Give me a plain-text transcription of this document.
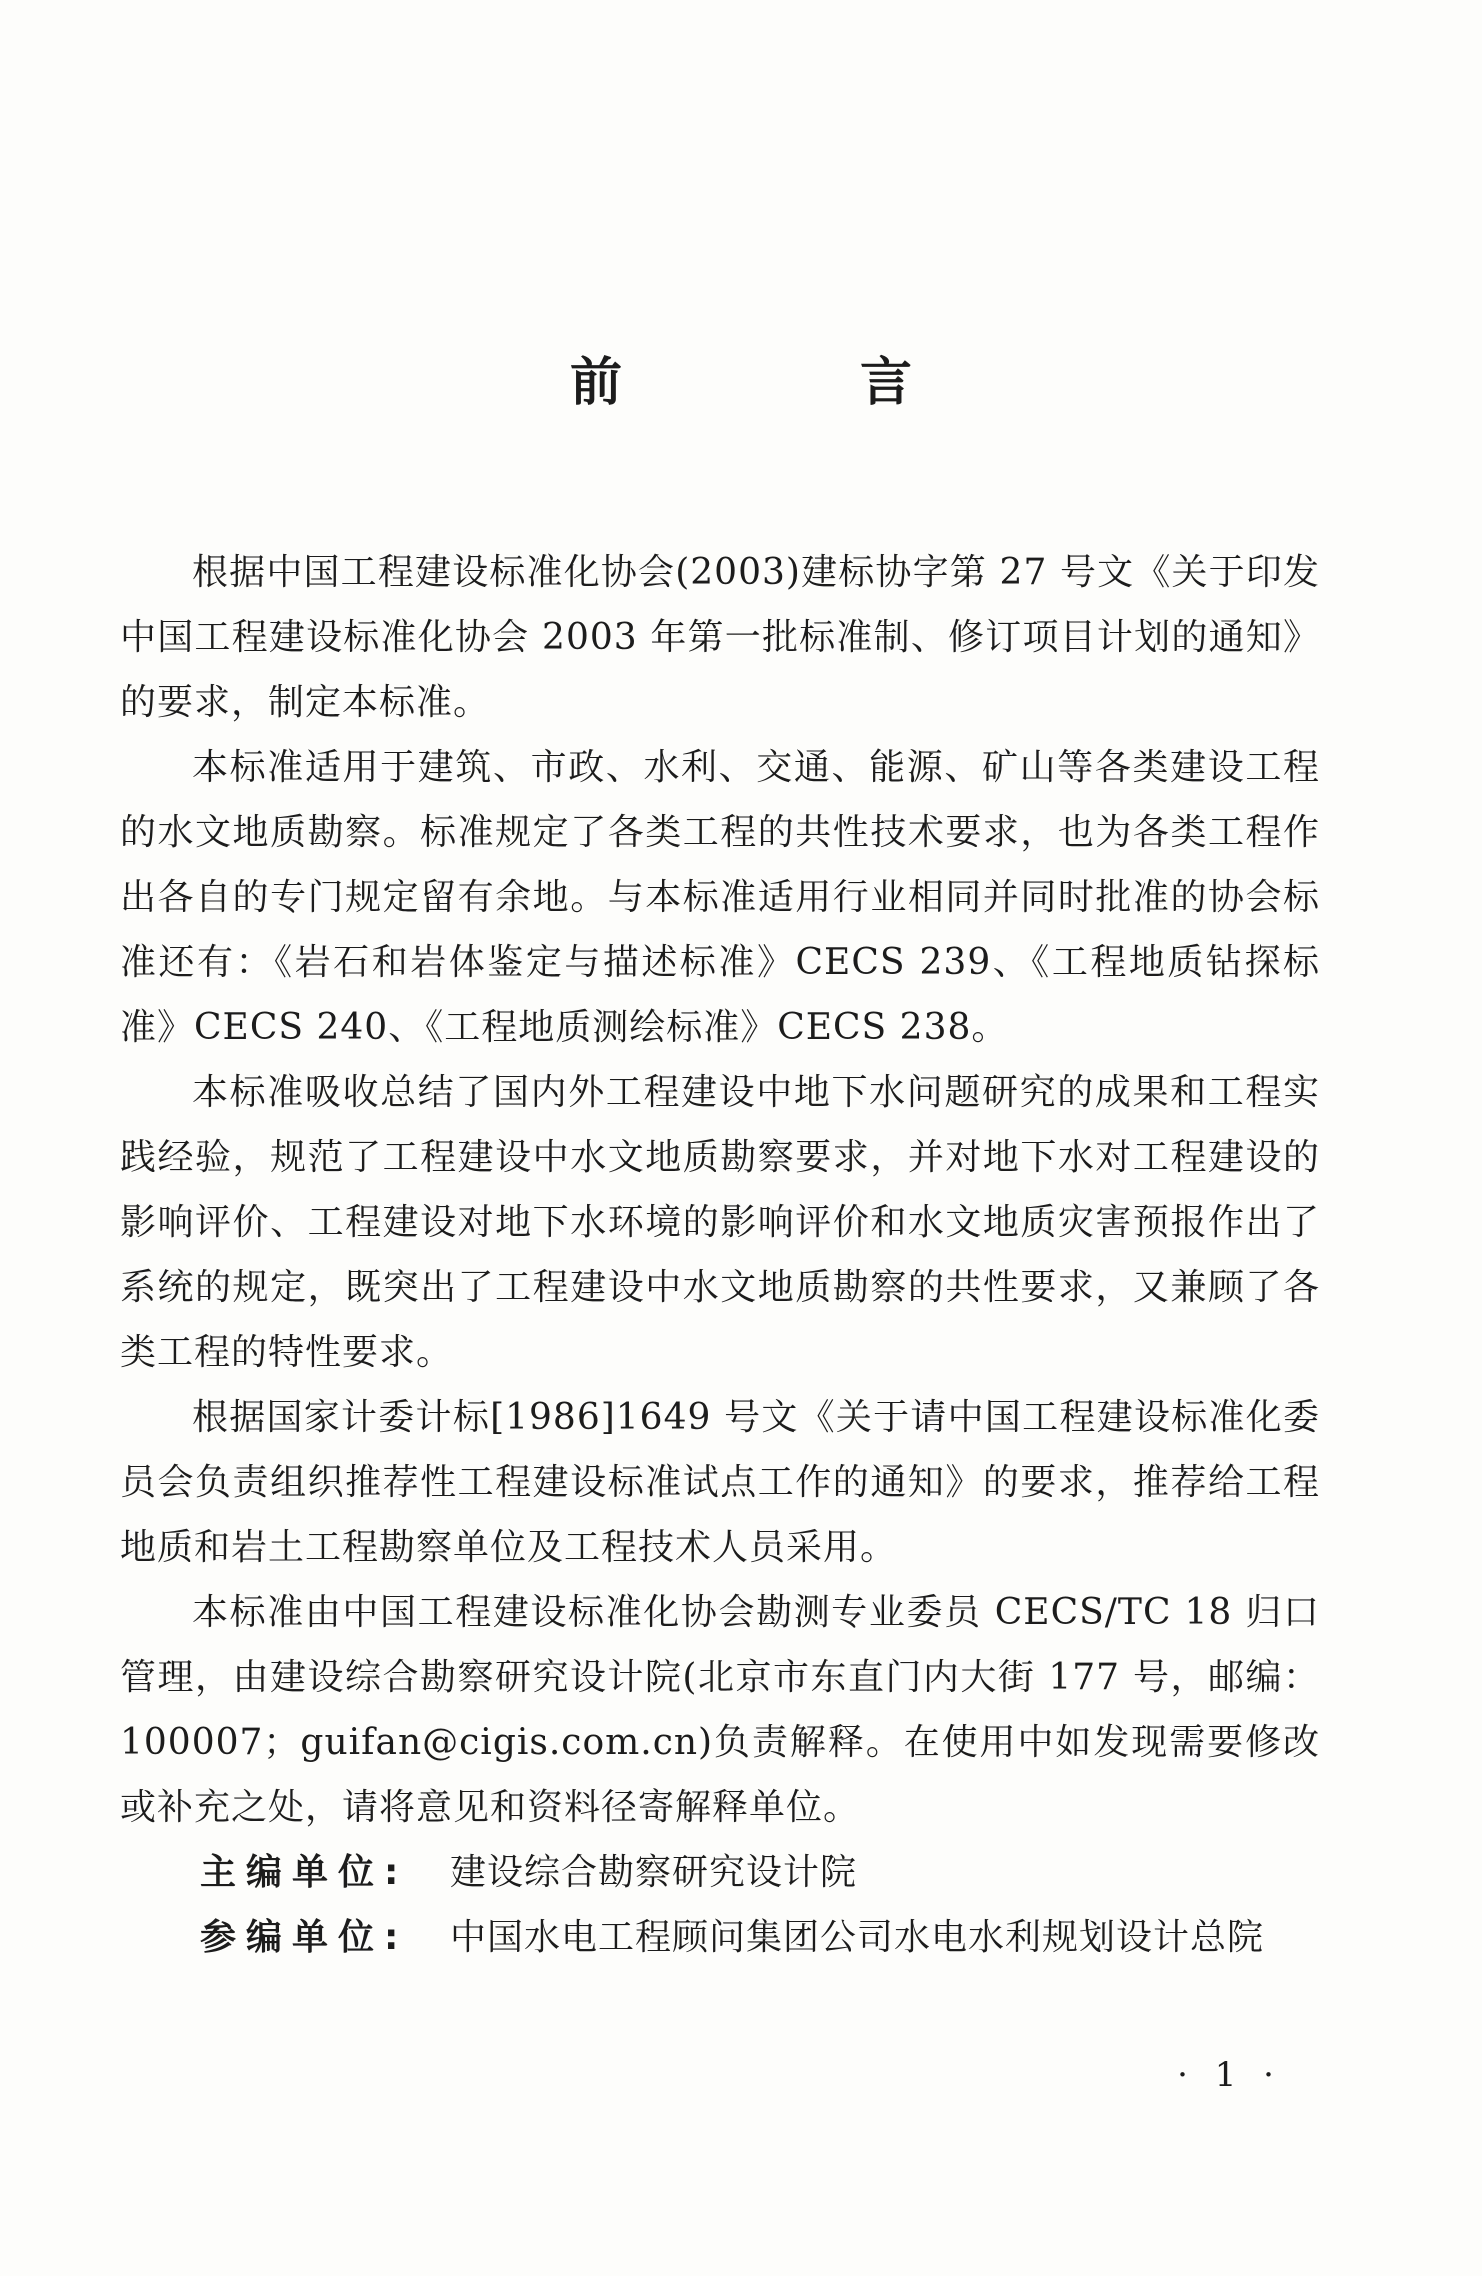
前 言

根据中国工程建设标准化协会(2003)建标协字第 27 号文《关于印发中国工程建设标准化协会 2003 年第一批标准制、修订项目计划的通知》的要求，制定本标准。

本标准适用于建筑、市政、水利、交通、能源、矿山等各类建设工程的水文地质勘察。标准规定了各类工程的共性技术要求，也为各类工程作出各自的专门规定留有余地。与本标准适用行业相同并同时批准的协会标准还有：《岩石和岩体鉴定与描述标准》CECS 239、《工程地质钻探标准》CECS 240、《工程地质测绘标准》CECS 238。

本标准吸收总结了国内外工程建设中地下水问题研究的成果和工程实践经验，规范了工程建设中水文地质勘察要求，并对地下水对工程建设的影响评价、工程建设对地下水环境的影响评价和水文地质灾害预报作出了系统的规定，既突出了工程建设中水文地质勘察的共性要求，又兼顾了各类工程的特性要求。

根据国家计委计标[1986]1649 号文《关于请中国工程建设标准化委员会负责组织推荐性工程建设标准试点工作的通知》的要求，推荐给工程地质和岩土工程勘察单位及工程技术人员采用。

本标准由中国工程建设标准化协会勘测专业委员 CECS/TC 18 归口管理，由建设综合勘察研究设计院(北京市东直门内大街 177 号，邮编：100007；guifan@cigis.com.cn)负责解释。在使用中如发现需要修改或补充之处，请将意见和资料径寄解释单位。

主编单位:	建设综合勘察研究设计院
参编单位:	中国水电工程顾问集团公司水电水利规划设计总院
· 1 ·
